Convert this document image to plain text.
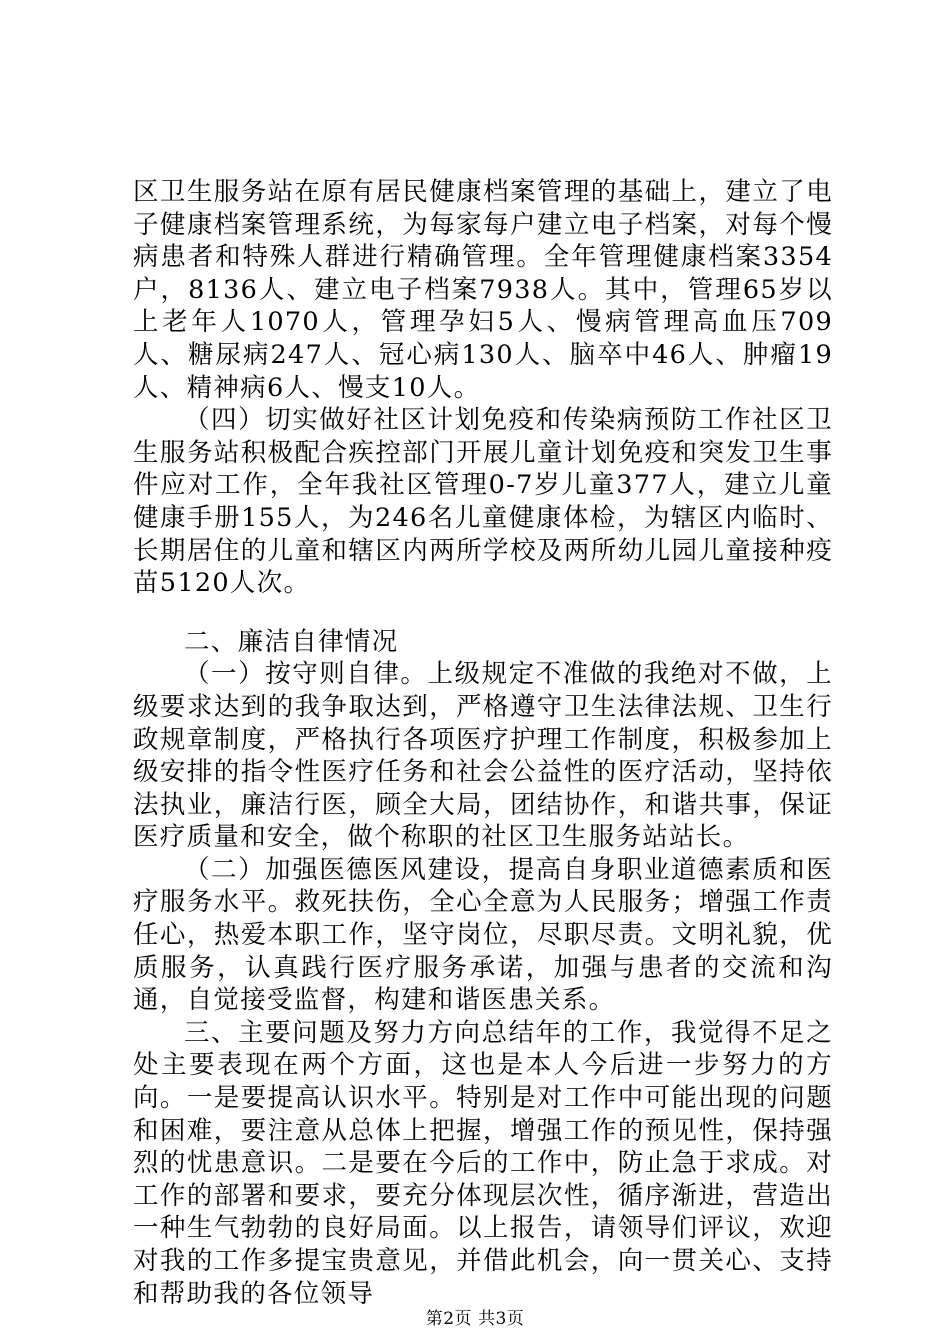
区卫生服务站在原有居民健康档案管理的基础上，建立了电子健康档案管理系统，为每家每户建立电子档案，对每个慢病患者和特殊人群进行精确管理。全年管理健康档案3354户，8136人、建立电子档案7938人。其中，管理65岁以上老年人1070人，管理孕妇5人、慢病管理高血压709人、糖尿病247人、冠心病130人、脑卒中46人、肿瘤19人、精神病6人、慢支10人。

（四）切实做好社区计划免疫和传染病预防工作社区卫生服务站积极配合疾控部门开展儿童计划免疫和突发卫生事件应对工作，全年我社区管理0-7岁儿童377人，建立儿童健康手册155人，为246名儿童健康体检，为辖区内临时、长期居住的儿童和辖区内两所学校及两所幼儿园儿童接种疫苗5120人次。

二、廉洁自律情况

（一）按守则自律。上级规定不准做的我绝对不做，上级要求达到的我争取达到，严格遵守卫生法律法规、卫生行政规章制度，严格执行各项医疗护理工作制度，积极参加上级安排的指令性医疗任务和社会公益性的医疗活动，坚持依法执业，廉洁行医，顾全大局，团结协作，和谐共事，保证医疗质量和安全，做个称职的社区卫生服务站站长。

（二）加强医德医风建设，提高自身职业道德素质和医疗服务水平。救死扶伤，全心全意为人民服务；增强工作责任心，热爱本职工作，坚守岗位，尽职尽责。文明礼貌，优质服务，认真践行医疗服务承诺，加强与患者的交流和沟通，自觉接受监督，构建和谐医患关系。

三、主要问题及努力方向总结年的工作，我觉得不足之处主要表现在两个方面，这也是本人今后进一步努力的方向。一是要提高认识水平。特别是对工作中可能出现的问题和困难，要注意从总体上把握，增强工作的预见性，保持强烈的忧患意识。二是要在今后的工作中，防止急于求成。对工作的部署和要求，要充分体现层次性，循序渐进，营造出一种生气勃勃的良好局面。以上报告，请领导们评议，欢迎对我的工作多提宝贵意见，并借此机会，向一贯关心、支持和帮助我的各位领导

第2页 共3页
